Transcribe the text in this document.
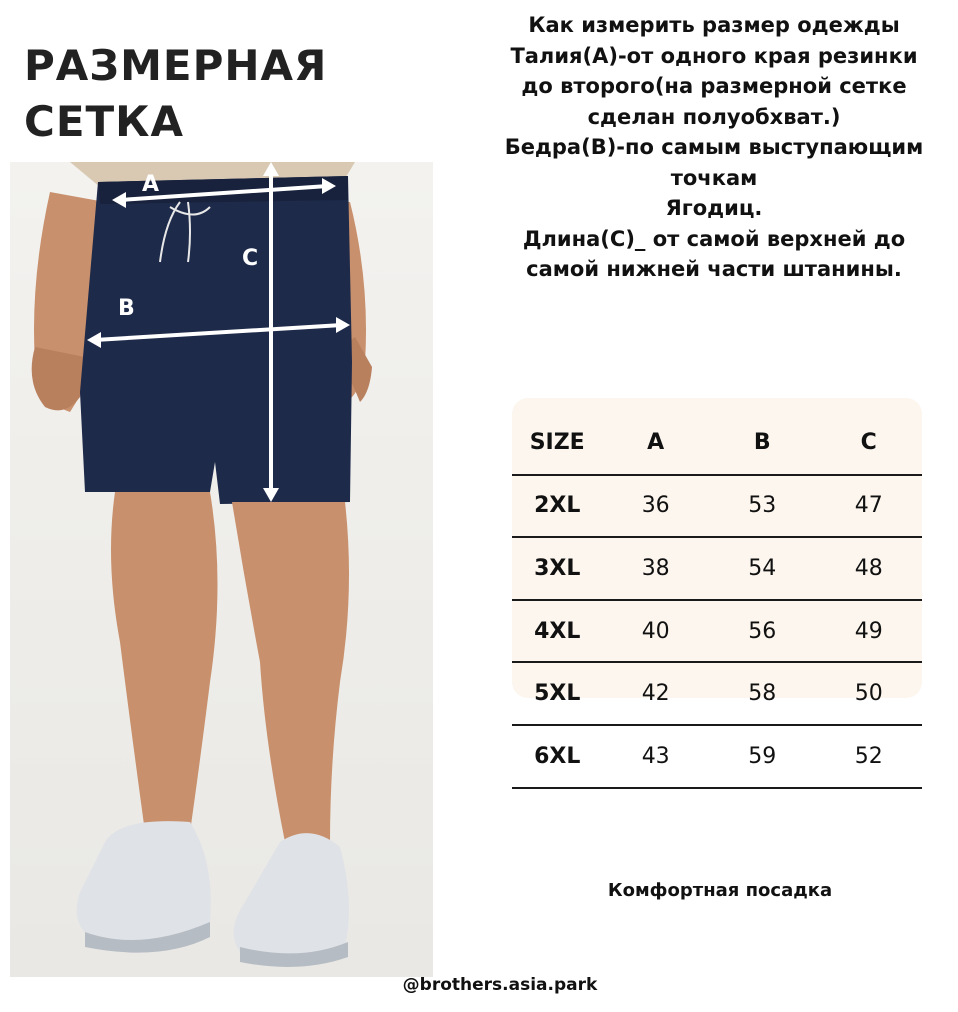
РАЗМЕРНАЯ
СЕТКА
Как измерить размер одежды
Талия(A)-от одного края резинки
до второго(на размерной сетке
сделан полуобхват.)
Бедра(B)-по самым выступающим
точкам
Ягодиц.
Длина(C)_ от самой верхней до
самой нижней части штанины.
A
B
C
SIZE	A	B	C
2XL	36	53	47
3XL	38	54	48
4XL	40	56	49
5XL	42	58	50
6XL	43	59	52
Комфортная посадка
@brothers.asia.park
